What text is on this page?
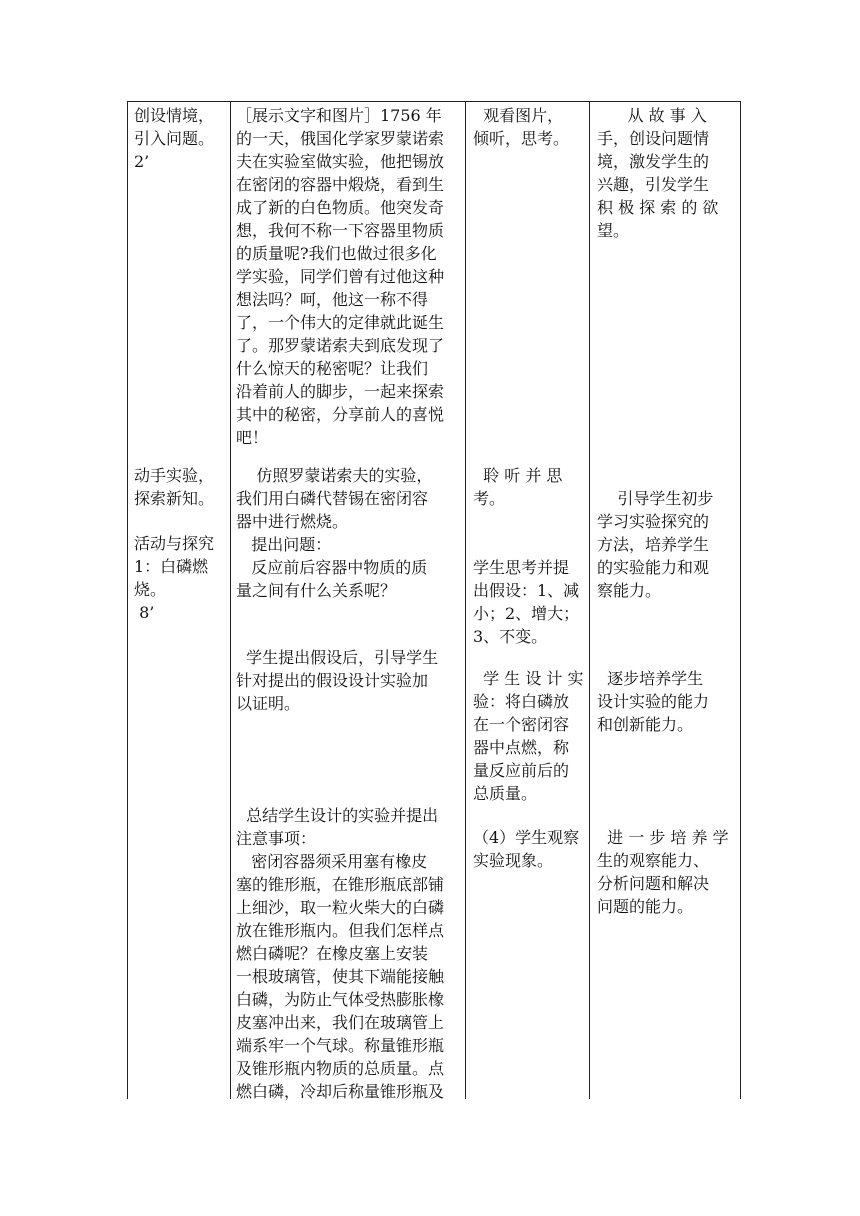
创设情境，
引入问题。
2’
动手实验，
探索新知。
活动与探究
1：白磷燃
烧。
8’
［展示文字和图片］1756 年
的一天，俄国化学家罗蒙诺索
夫在实验室做实验，他把锡放
在密闭的容器中煅烧，看到生
成了新的白色物质。他突发奇
想，我何不称一下容器里物质
的质量呢?我们也做过很多化
学实验，同学们曾有过他这种
想法吗？呵，他这一称不得
了，一个伟大的定律就此诞生
了。那罗蒙诺索夫到底发现了
什么惊天的秘密呢？让我们
沿着前人的脚步，一起来探索
其中的秘密，分享前人的喜悦
吧！
仿照罗蒙诺索夫的实验，
我们用白磷代替锡在密闭容
器中进行燃烧。
提出问题：
反应前后容器中物质的质
量之间有什么关系呢？
学生提出假设后，引导学生
针对提出的假设设计实验加
以证明。
总结学生设计的实验并提出
注意事项：
密闭容器须采用塞有橡皮
塞的锥形瓶，在锥形瓶底部铺
上细沙，取一粒火柴大的白磷
放在锥形瓶内。但我们怎样点
燃白磷呢？在橡皮塞上安装
一根玻璃管，使其下端能接触
白磷，为防止气体受热膨胀橡
皮塞冲出来，我们在玻璃管上
端系牢一个气球。称量锥形瓶
及锥形瓶内物质的总质量。点
燃白磷，冷却后称量锥形瓶及
观看图片，
倾听，思考。
聆 听 并 思
考。
学生思考并提
出假设：1、减
小；2、增大；
3、不变。
学 生 设 计 实
验：将白磷放
在一个密闭容
器中点燃，称
量反应前后的
总质量。
（4）学生观察
实验现象。
从 故 事 入
手，创设问题情
境，激发学生的
兴趣，引发学生
积 极 探 索 的 欲
望。
引导学生初步
学习实验探究的
方法，培养学生
的实验能力和观
察能力。
逐步培养学生
设计实验的能力
和创新能力。
进 一 步 培 养 学
生的观察能力、
分析问题和解决
问题的能力。
